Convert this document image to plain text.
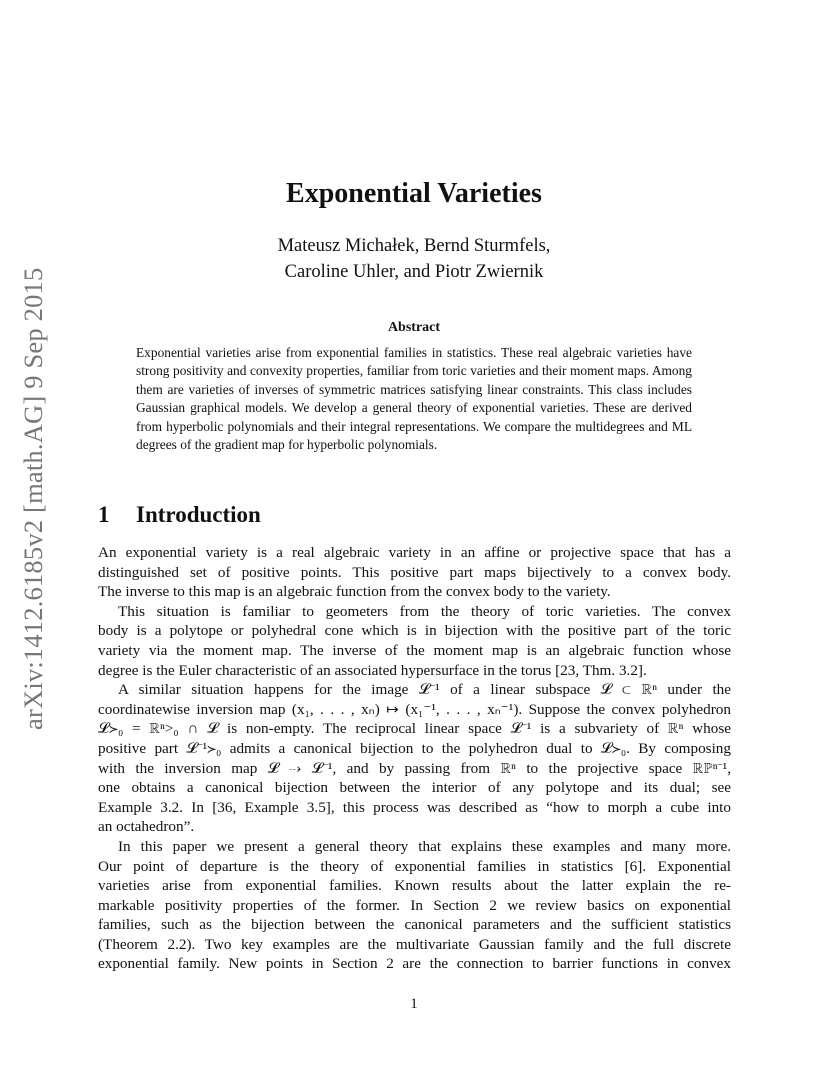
arXiv:1412.6185v2 [math.AG] 9 Sep 2015
Exponential Varieties
Mateusz Michałek, Bernd Sturmfels,
Caroline Uhler, and Piotr Zwiernik
Abstract
Exponential varieties arise from exponential families in statistics. These real algebraic varieties have strong positivity and convexity properties, familiar from toric varieties and their moment maps. Among them are varieties of inverses of symmetric matrices satisfying linear constraints. This class includes Gaussian graphical models. We develop a general theory of exponential varieties. These are derived from hyperbolic polynomials and their integral representations. We compare the multidegrees and ML degrees of the gradient map for hyperbolic polynomials.
1 Introduction
An exponential variety is a real algebraic variety in an affine or projective space that has a
distinguished set of positive points. This positive part maps bijectively to a convex body.
The inverse to this map is an algebraic function from the convex body to the variety.
This situation is familiar to geometers from the theory of toric varieties. The convex
body is a polytope or polyhedral cone which is in bijection with the positive part of the toric
variety via the moment map. The inverse of the moment map is an algebraic function whose
degree is the Euler characteristic of an associated hypersurface in the torus [23, Thm. 3.2].
A similar situation happens for the image 𝓛⁻¹ of a linear subspace 𝓛 ⊂ ℝⁿ under the
coordinatewise inversion map (x₁, . . . , xₙ) ↦ (x₁⁻¹, . . . , xₙ⁻¹). Suppose the convex polyhedron
𝓛≻₀ = ℝⁿ>₀ ∩ 𝓛 is non-empty. The reciprocal linear space 𝓛⁻¹ is a subvariety of ℝⁿ whose
positive part 𝓛⁻¹≻₀ admits a canonical bijection to the polyhedron dual to 𝓛≻₀. By composing
with the inversion map 𝓛 ⇢ 𝓛⁻¹, and by passing from ℝⁿ to the projective space ℝℙⁿ⁻¹,
one obtains a canonical bijection between the interior of any polytope and its dual; see
Example 3.2. In [36, Example 3.5], this process was described as “how to morph a cube into
an octahedron”.
In this paper we present a general theory that explains these examples and many more.
Our point of departure is the theory of exponential families in statistics [6]. Exponential
varieties arise from exponential families. Known results about the latter explain the re-
markable positivity properties of the former. In Section 2 we review basics on exponential
families, such as the bijection between the canonical parameters and the sufficient statistics
(Theorem 2.2). Two key examples are the multivariate Gaussian family and the full discrete
exponential family. New points in Section 2 are the connection to barrier functions in convex
1
